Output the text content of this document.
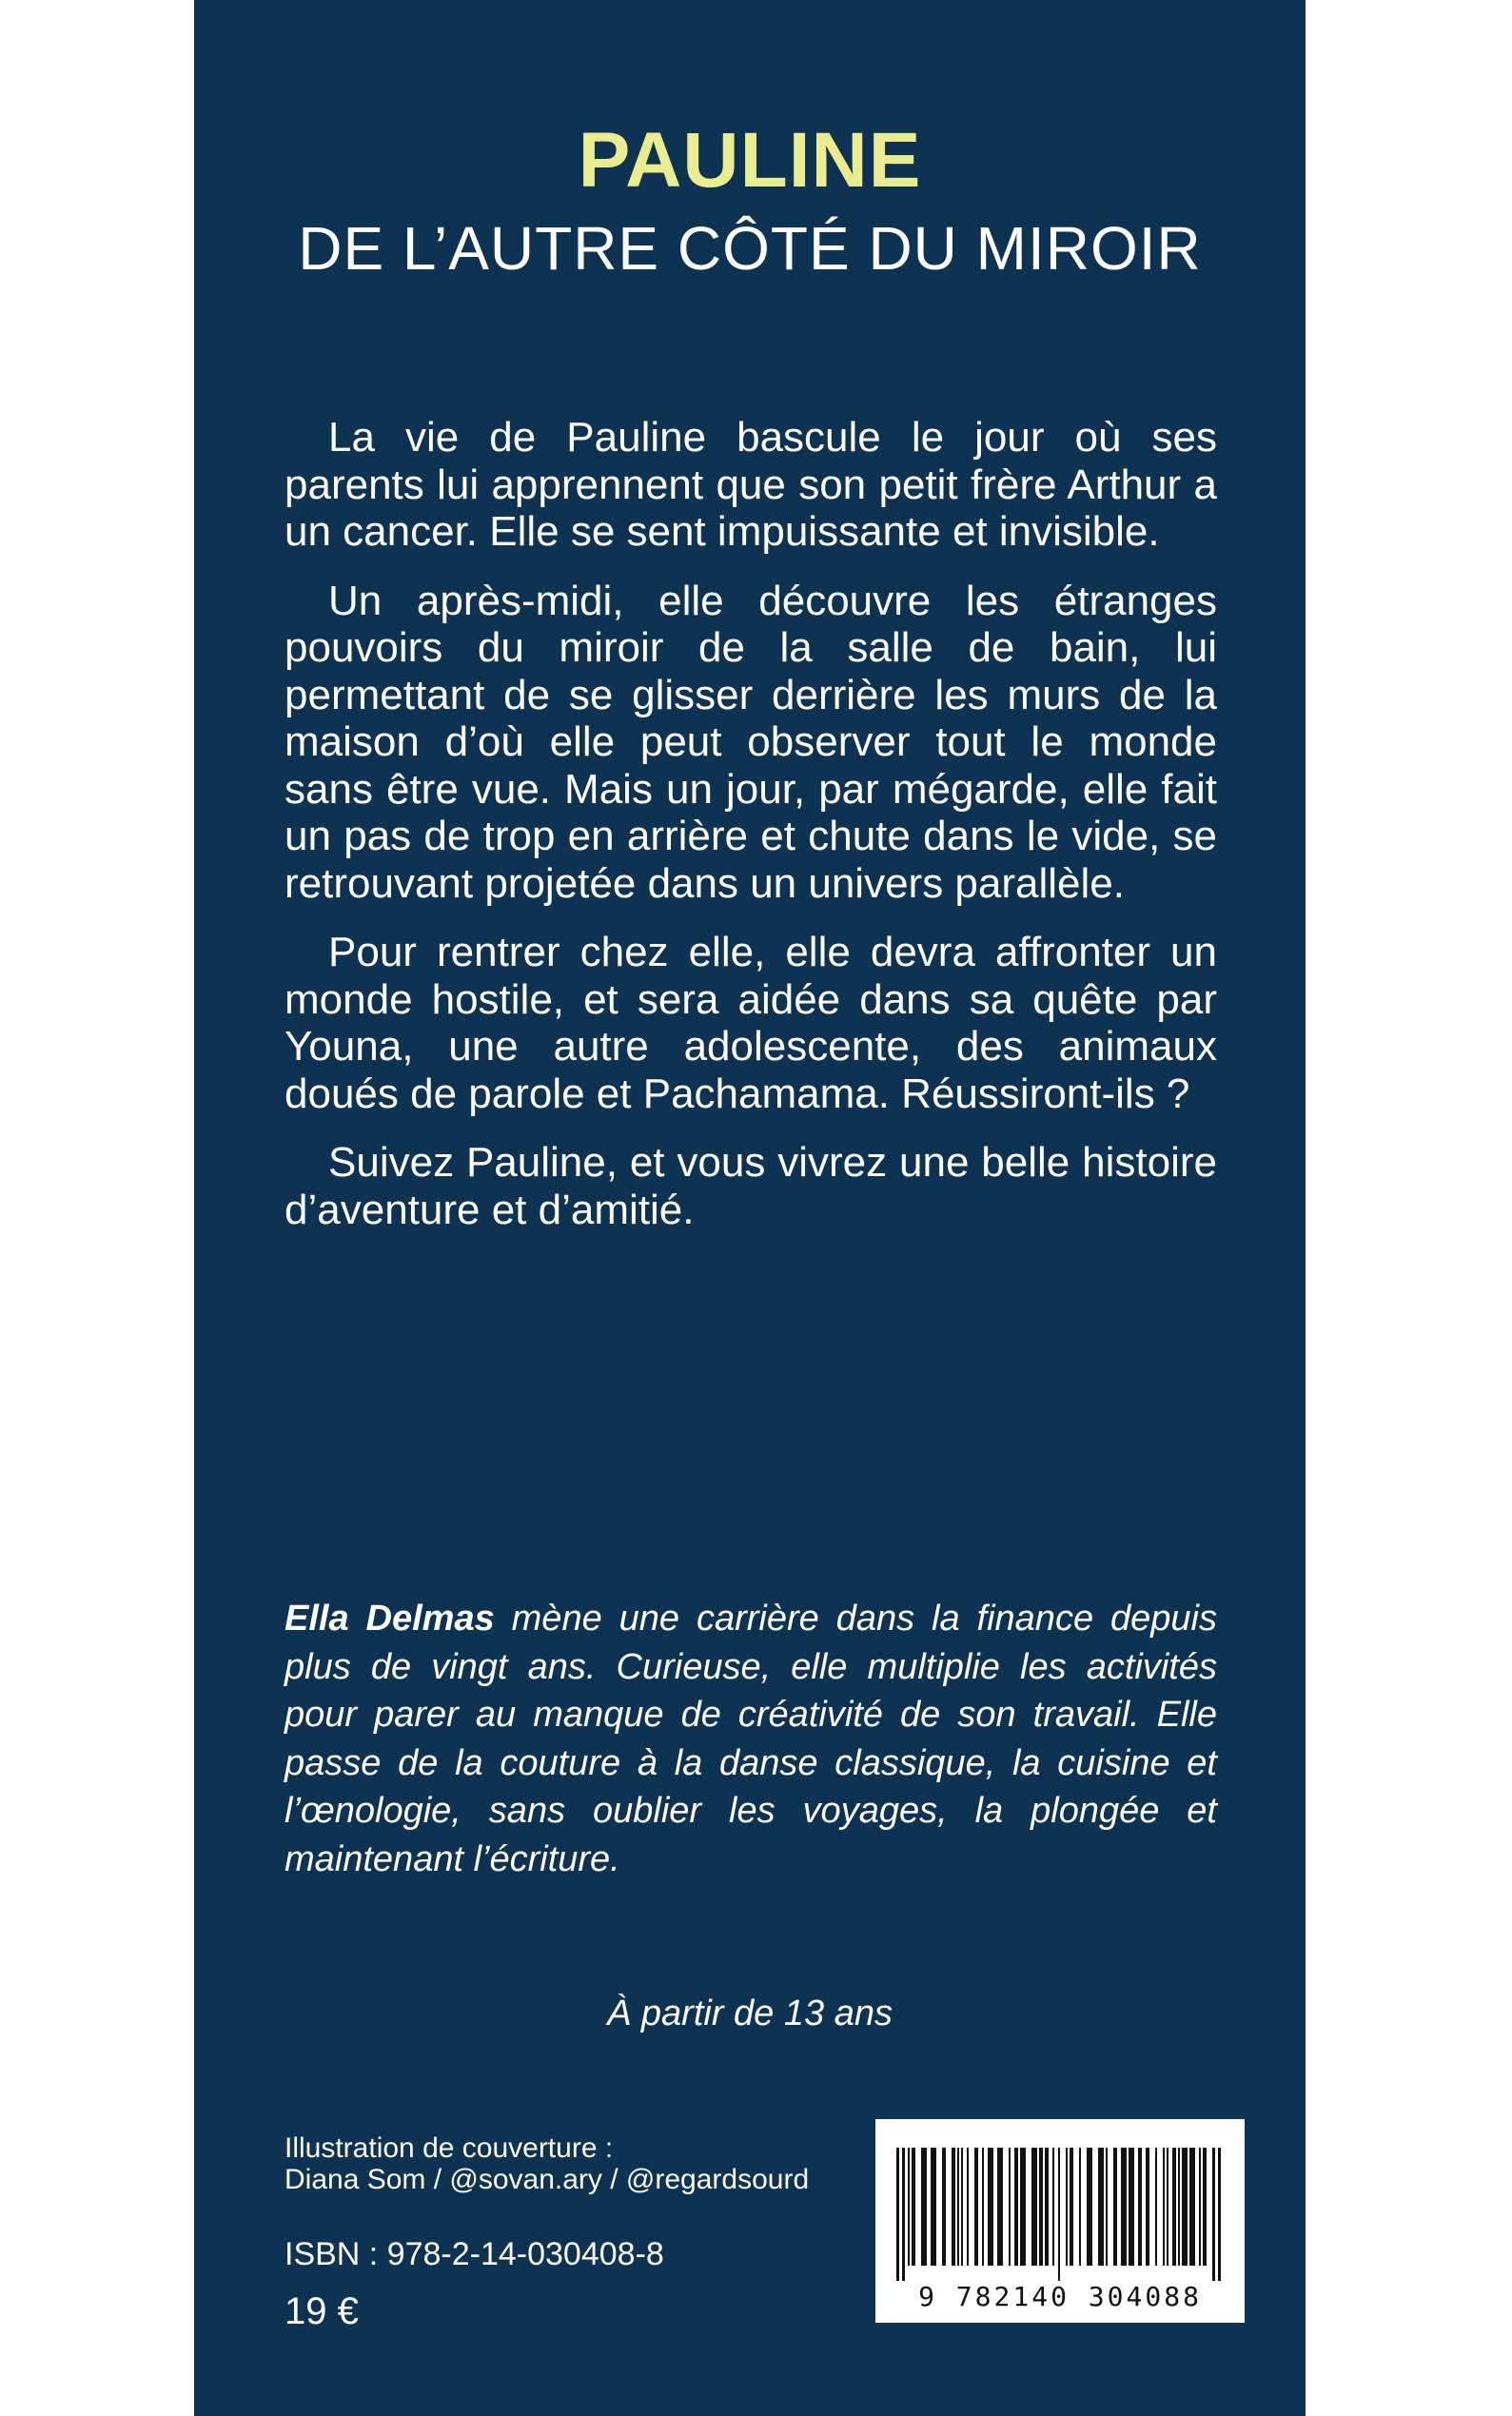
PAULINE
DE L’AUTRE CÔTÉ DU MIROIR

La vie de Pauline bascule le jour où ses parents lui apprennent que son petit frère Arthur a un cancer. Elle se sent impuissante et invisible.

Un après-midi, elle découvre les étranges pouvoirs du miroir de la salle de bain, lui permettant de se glisser derrière les murs de la maison d’où elle peut observer tout le monde sans être vue. Mais un jour, par mégarde, elle fait un pas de trop en arrière et chute dans le vide, se retrouvant projetée dans un univers parallèle.

Pour rentrer chez elle, elle devra affronter un monde hostile, et sera aidée dans sa quête par Youna, une autre adolescente, des animaux doués de parole et Pachamama. Réussiront-ils ?

Suivez Pauline, et vous vivrez une belle histoire d’aventure et d’amitié.

Ella Delmas mène une carrière dans la finance depuis plus de vingt ans. Curieuse, elle multiplie les activités pour parer au manque de créativité de son travail. Elle passe de la couture à la danse classique, la cuisine et l’œnologie, sans oublier les voyages, la plongée et maintenant l’écriture.

À partir de 13 ans
Illustration de couverture :
Diana Som / @sovan.ary / @regardsourd
ISBN : 978-2-14-030408-8
19 €	9 782140 304088
